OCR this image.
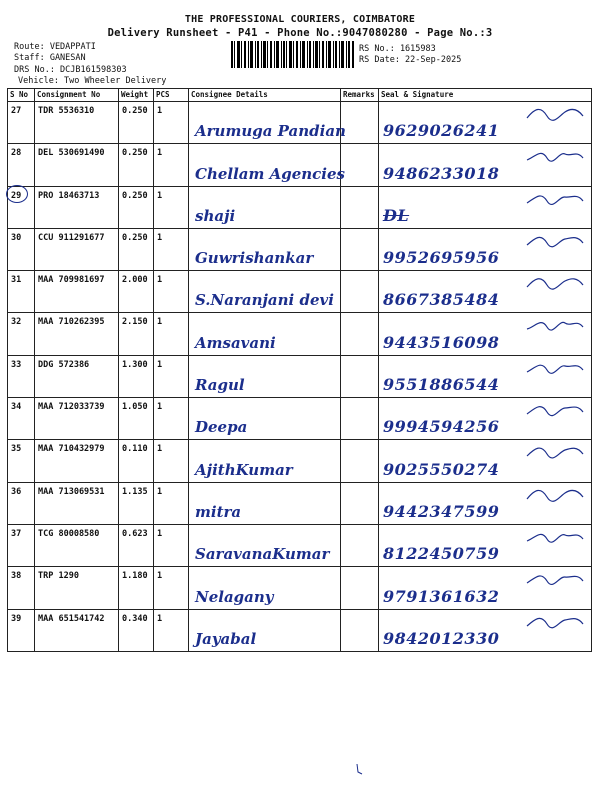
THE PROFESSIONAL COURIERS, COIMBATORE
Delivery Runsheet - P41 - Phone No.:9047080280 - Page No.:3
Route: VEDAPPATI
Staff: GANESAN
DRS No.: DCJB161598303
Vehicle: Two Wheeler Delivery
RS No.: 1615983
RS Date: 22-Sep-2025
S No	Consignment No	Weight	PCS	Consignee Details	Remarks	Seal & Signature
27	TDR 5536310	0.250	1	Arumuga Pandian		9629026241

28	DEL 530691490	0.250	1	Chellam Agencies		9486233018

29	PRO 18463713	0.250	1	shaji		DL

30	CCU 911291677	0.250	1	Guwrishankar		9952695956

31	MAA 709981697	2.000	1	S.Naranjani devi		8667385484

32	MAA 710262395	2.150	1	Amsavani		9443516098

33	DDG 572386	1.300	1	Ragul		9551886544

34	MAA 712033739	1.050	1	Deepa		9994594256

35	MAA 710432979	0.110	1	AjithKumar		9025550274

36	MAA 713069531	1.135	1	mitra		9442347599

37	TCG 80008580	0.623	1	SaravanaKumar		8122450759

38	TRP 1290	1.180	1	Nelagany		9791361632

39	MAA 651541742	0.340	1	Jayabal		9842012330
